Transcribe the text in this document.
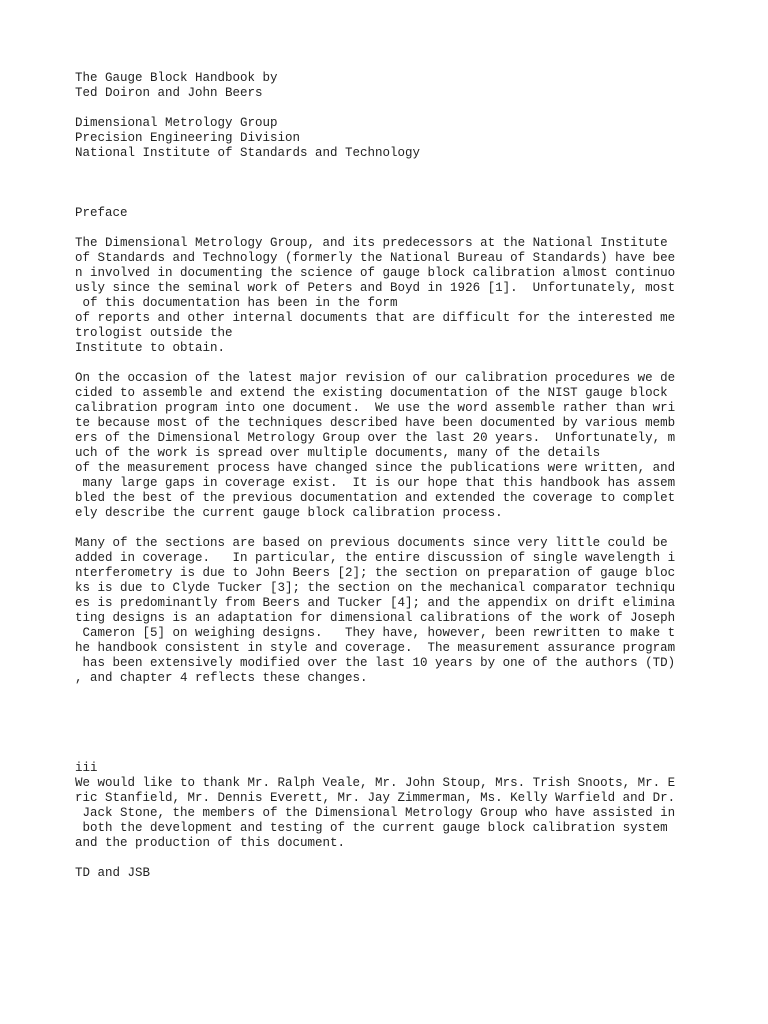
The Gauge Block Handbook by
Ted Doiron and John Beers
Dimensional Metrology Group
Precision Engineering Division
National Institute of Standards and Technology
Preface
The Dimensional Metrology Group, and its predecessors at the National Institute
of Standards and Technology (formerly the National Bureau of Standards) have bee
n involved in documenting the science of gauge block calibration almost continuo
usly since the seminal work of Peters and Boyd in 1926 [1].  Unfortunately, most
of this documentation has been in the form
of reports and other internal documents that are difficult for the interested me
trologist outside the
Institute to obtain.
On the occasion of the latest major revision of our calibration procedures we de
cided to assemble and extend the existing documentation of the NIST gauge block
calibration program into one document.  We use the word assemble rather than wri
te because most of the techniques described have been documented by various memb
ers of the Dimensional Metrology Group over the last 20 years.  Unfortunately, m
uch of the work is spread over multiple documents, many of the details
of the measurement process have changed since the publications were written, and
many large gaps in coverage exist.  It is our hope that this handbook has assem
bled the best of the previous documentation and extended the coverage to complet
ely describe the current gauge block calibration process.
Many of the sections are based on previous documents since very little could be
added in coverage.   In particular, the entire discussion of single wavelength i
nterferometry is due to John Beers [2]; the section on preparation of gauge bloc
ks is due to Clyde Tucker [3]; the section on the mechanical comparator techniqu
es is predominantly from Beers and Tucker [4]; and the appendix on drift elimina
ting designs is an adaptation for dimensional calibrations of the work of Joseph
Cameron [5] on weighing designs.   They have, however, been rewritten to make t
he handbook consistent in style and coverage.  The measurement assurance program
has been extensively modified over the last 10 years by one of the authors (TD)
, and chapter 4 reflects these changes.
iii
We would like to thank Mr. Ralph Veale, Mr. John Stoup, Mrs. Trish Snoots, Mr. E
ric Stanfield, Mr. Dennis Everett, Mr. Jay Zimmerman, Ms. Kelly Warfield and Dr.
Jack Stone, the members of the Dimensional Metrology Group who have assisted in
both the development and testing of the current gauge block calibration system
and the production of this document.
TD and JSB
